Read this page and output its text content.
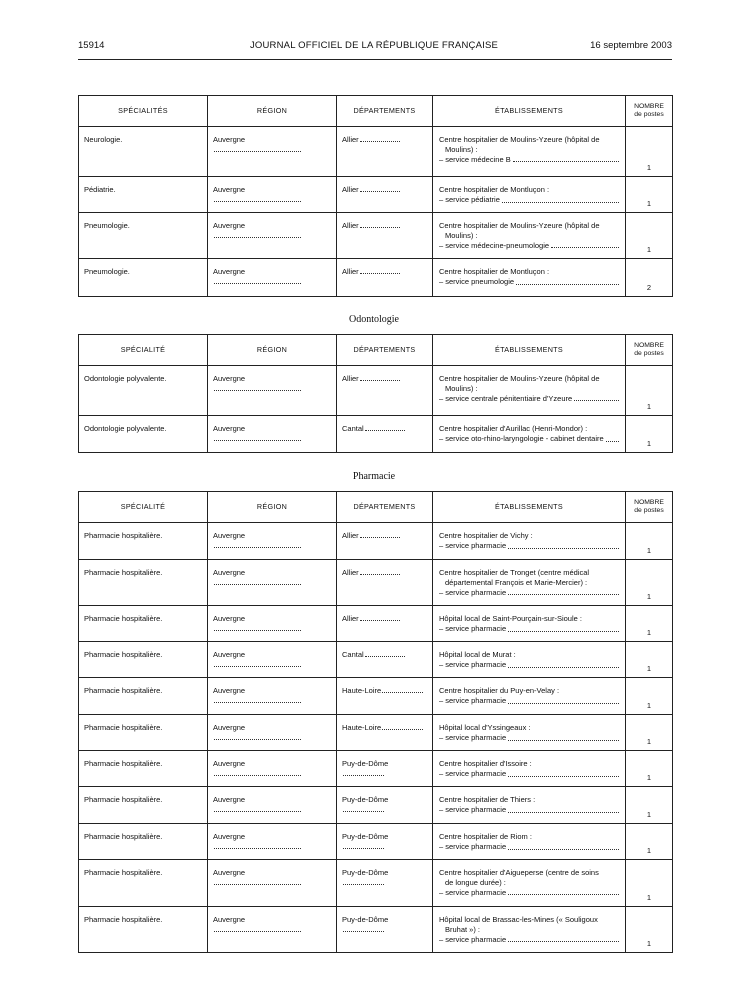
15914	JOURNAL OFFICIEL DE LA RÉPUBLIQUE FRANÇAISE	16 septembre 2003
SPÉCIALITÉS	RÉGION	DÉPARTEMENTS	ÉTABLISSEMENTS	NOMBRE
de postes
Neurologie.	Auvergne	Allier	Centre hospitalier de Moulins-Yzeure (hôpital de
Moulins) :
– service médecine B	1
Pédiatrie.	Auvergne	Allier	Centre hospitalier de Montluçon :
– service pédiatrie	1
Pneumologie.	Auvergne	Allier	Centre hospitalier de Moulins-Yzeure (hôpital de
Moulins) :
– service médecine-pneumologie	1
Pneumologie.	Auvergne	Allier	Centre hospitalier de Montluçon :
– service pneumologie	2
Odontologie
SPÉCIALITÉ	RÉGION	DÉPARTEMENTS	ÉTABLISSEMENTS	NOMBRE
de postes
Odontologie polyvalente.	Auvergne	Allier	Centre hospitalier de Moulins-Yzeure (hôpital de
Moulins) :
– service centrale pénitentiaire d'Yzeure	1
Odontologie polyvalente.	Auvergne	Cantal	Centre hospitalier d'Aurillac (Henri-Mondor) :
– service oto-rhino-laryngologie - cabinet dentaire	1
Pharmacie
SPÉCIALITÉ	RÉGION	DÉPARTEMENTS	ÉTABLISSEMENTS	NOMBRE
de postes
Pharmacie hospitalière.	Auvergne	Allier	Centre hospitalier de Vichy :
– service pharmacie	1
Pharmacie hospitalière.	Auvergne	Allier	Centre hospitalier de Tronget (centre médical
départemental François et Marie-Mercier) :
– service pharmacie	1
Pharmacie hospitalière.	Auvergne	Allier	Hôpital local de Saint-Pourçain-sur-Sioule :
– service pharmacie	1
Pharmacie hospitalière.	Auvergne	Cantal	Hôpital local de Murat :
– service pharmacie	1
Pharmacie hospitalière.	Auvergne	Haute-Loire	Centre hospitalier du Puy-en-Velay :
– service pharmacie	1
Pharmacie hospitalière.	Auvergne	Haute-Loire	Hôpital local d'Yssingeaux :
– service pharmacie	1
Pharmacie hospitalière.	Auvergne	Puy-de-Dôme	Centre hospitalier d'Issoire :
– service pharmacie	1
Pharmacie hospitalière.	Auvergne	Puy-de-Dôme	Centre hospitalier de Thiers :
– service pharmacie	1
Pharmacie hospitalière.	Auvergne	Puy-de-Dôme	Centre hospitalier de Riom :
– service pharmacie	1
Pharmacie hospitalière.	Auvergne	Puy-de-Dôme	Centre hospitalier d'Aigueperse (centre de soins
de longue durée) :
– service pharmacie	1
Pharmacie hospitalière.	Auvergne	Puy-de-Dôme	Hôpital local de Brassac-les-Mines (« Souligoux
Bruhat ») :
– service pharmacie	1
